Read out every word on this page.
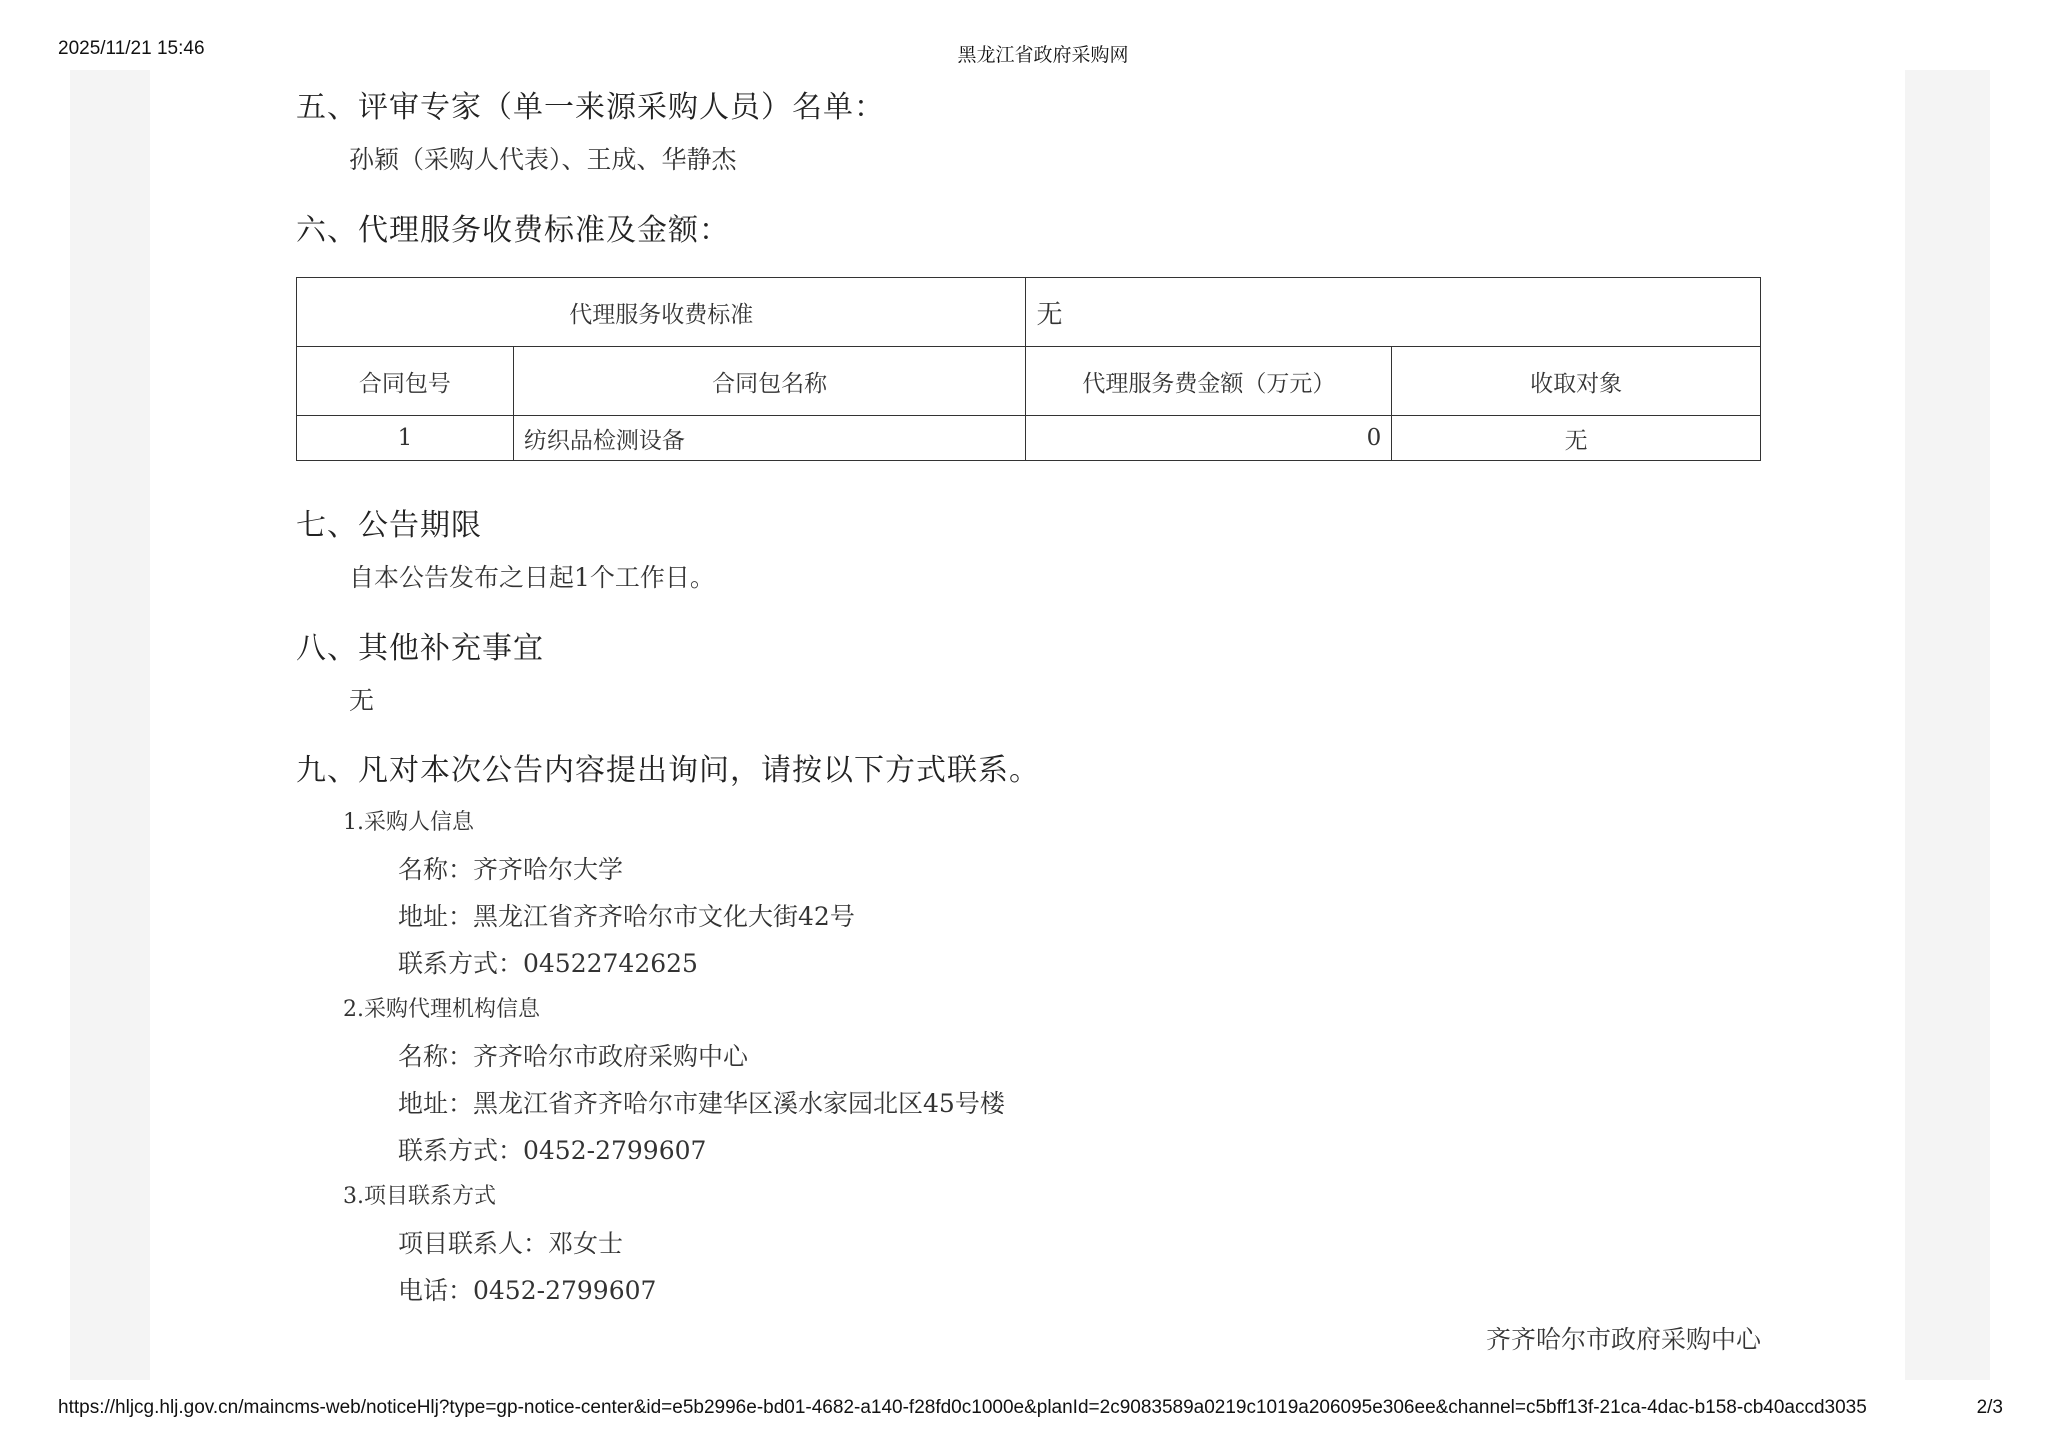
2025/11/21 15:46	黑龙江省政府采购网
五、评审专家（单一来源采购人员）名单：
孙颖（采购人代表）、王成、华静杰
六、代理服务收费标准及金额：
代理服务收费标准		无	
合同包号	合同包名称	代理服务费金额（万元）	收取对象
1	纺织品检测设备	0	无
七、公告期限
自本公告发布之日起1个工作日。
八、其他补充事宜
无
九、凡对本次公告内容提出询问，请按以下方式联系。
1.采购人信息
名称：齐齐哈尔大学
地址：黑龙江省齐齐哈尔市文化大街42号
联系方式：04522742625
2.采购代理机构信息
名称：齐齐哈尔市政府采购中心
地址：黑龙江省齐齐哈尔市建华区溪水家园北区45号楼
联系方式：0452-2799607
3.项目联系方式
项目联系人：邓女士
电话：0452-2799607
齐齐哈尔市政府采购中心
https://hljcg.hlj.gov.cn/maincms-web/noticeHlj?type=gp-notice-center&id=e5b2996e-bd01-4682-a140-f28fd0c1000e&planId=2c9083589a0219c1019a206095e306ee&channel=c5bff13f-21ca-4dac-b158-cb40accd3035	2/3
